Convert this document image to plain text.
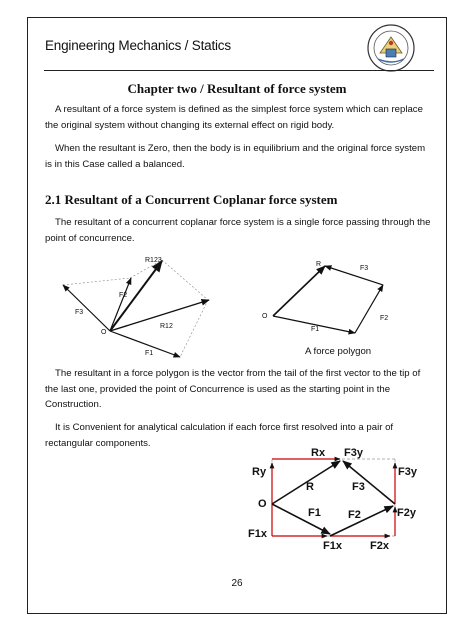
Engineering Mechanics / Statics
Chapter two / Resultant of force system
A resultant of a force system is defined as the simplest force system which can replace the original system without changing its external effect on rigid body.
When the resultant is Zero, then the body is in equilibrium and the original force system is in this Case called a balanced.
2.1 Resultant of a Concurrent Coplanar force system
The resultant of a concurrent coplanar force system is a single force passing through the point of concurrence.
R123
F2
F3
O
R12
F1
R
F3
O	F2
F1
Rx F3y
Ry	F3y
R	F3
O
F1 F2	F2y
F1x
F1x	F2x
A force polygon
The resultant in a force polygon is the vector from the tail of the first vector to the tip of the last one, provided the point of Concurrence is used as the starting point in the Construction.
It is Convenient for analytical calculation if each force first resolved into a pair of rectangular components.
26
